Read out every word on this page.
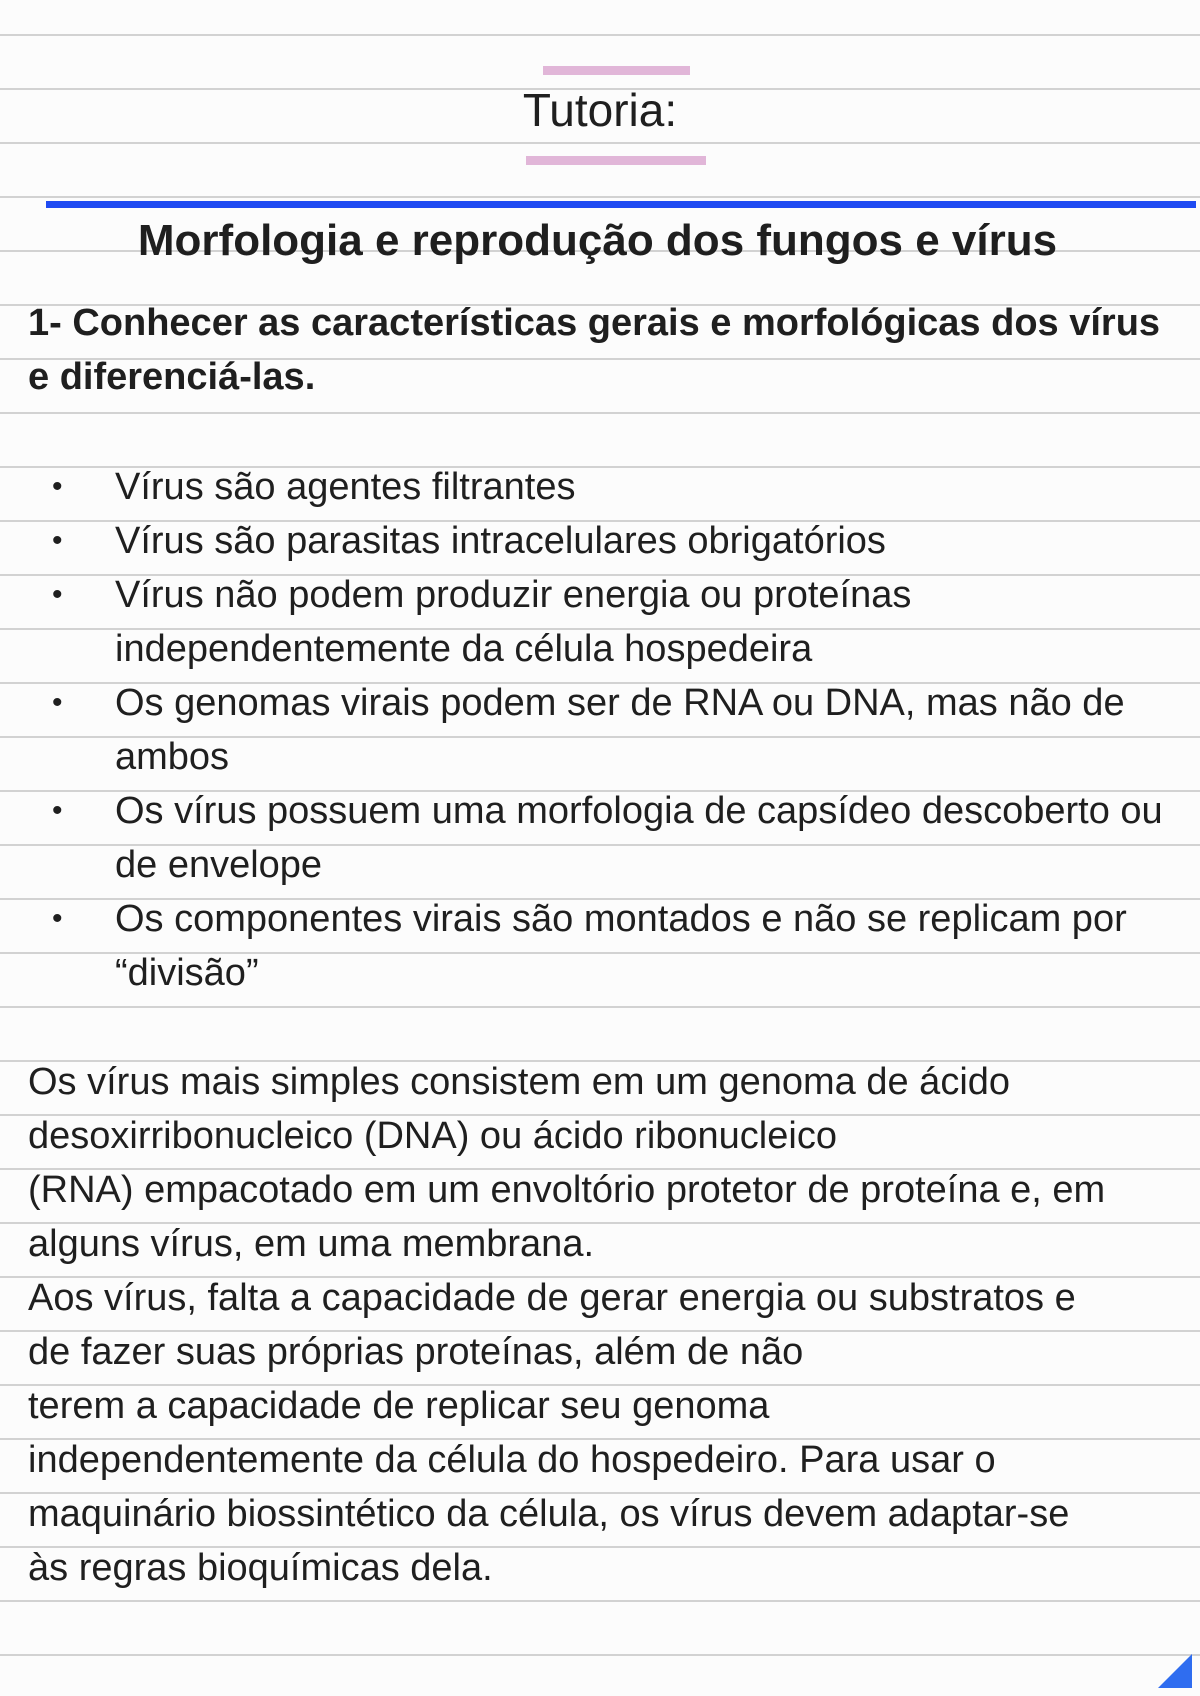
Tutoria:
Morfologia e reprodução dos fungos e vírus

1- Conhecer as características gerais e morfológicas dos vírus e diferenciá-las.

• Vírus são agentes filtrantes
• Vírus são parasitas intracelulares obrigatórios
• Vírus não podem produzir energia ou proteínas independentemente da célula hospedeira
• Os genomas virais podem ser de RNA ou DNA, mas não de ambos
• Os vírus possuem uma morfologia de capsídeo descoberto ou de envelope
• Os componentes virais são montados e não se replicam por “divisão”
Os vírus mais simples consistem em um genoma de ácido
desoxirribonucleico (DNA) ou ácido ribonucleico
(RNA) empacotado em um envoltório protetor de proteína e, em
alguns vírus, em uma membrana.
Aos vírus, falta a capacidade de gerar energia ou substratos e
de fazer suas próprias proteínas, além de não
terem a capacidade de replicar seu genoma
independentemente da célula do hospedeiro. Para usar o
maquinário biossintético da célula, os vírus devem adaptar-se
às regras bioquímicas dela.
